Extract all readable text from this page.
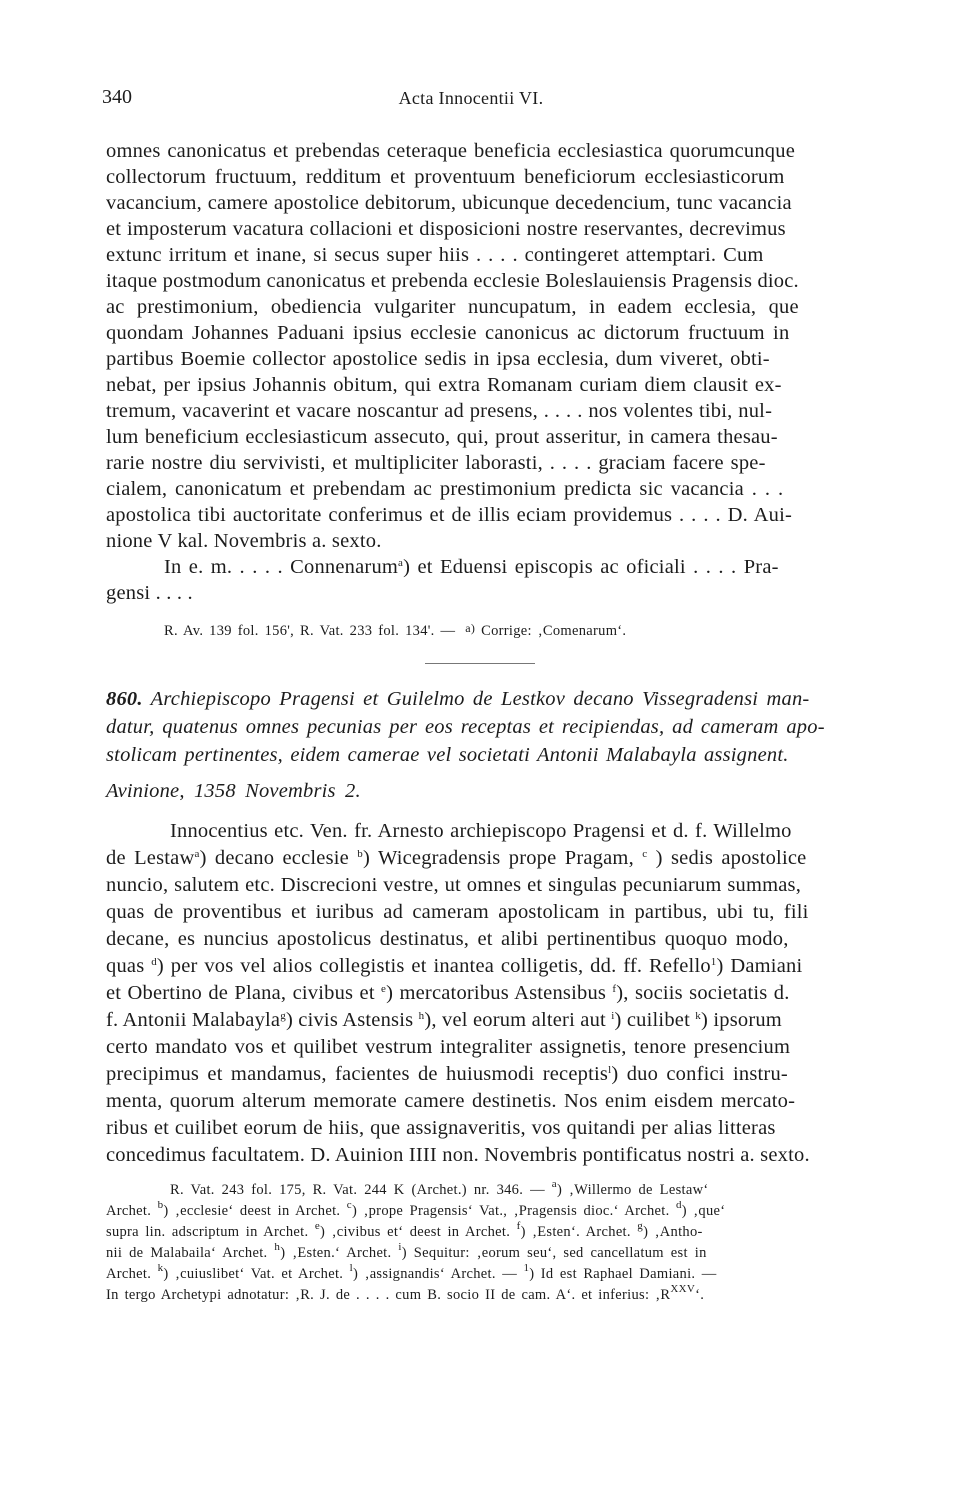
340	Acta Innocentii VI.
omnes canonicatus et prebendas ceteraque beneficia ecclesiastica quorumcunque
collectorum fructuum, redditum et proventuum beneficiorum ecclesiasticorum
vacancium, camere apostolice debitorum, ubicunque decedencium, tunc vacancia
et imposterum vacatura collacioni et disposicioni nostre reservantes, decrevimus
extunc irritum et inane, si secus super hiis . . . . contingeret attemptari. Cum
itaque postmodum canonicatus et prebenda ecclesie Boleslauiensis Pragensis dioc.
ac prestimonium, obediencia vulgariter nuncupatum, in eadem ecclesia, que
quondam Johannes Paduani ipsius ecclesie canonicus ac dictorum fructuum in
partibus Boemie collector apostolice sedis in ipsa ecclesia, dum viveret, obti-
nebat, per ipsius Johannis obitum, qui extra Romanam curiam diem clausit ex-
tremum, vacaverint et vacare noscantur ad presens, . . . . nos volentes tibi, nul-
lum beneficium ecclesiasticum assecuto, qui, prout asseritur, in camera thesau-
rarie nostre diu servivisti, et multipliciter laborasti, . . . . graciam facere spe-
cialem, canonicatum et prebendam ac prestimonium predicta sic vacancia . . .
apostolica tibi auctoritate conferimus et de illis eciam providemus . . . . D. Aui-
nione V kal. Novembris a. sexto.
In e. m. . . . . Connenarum$^a$) et Eduensi episcopis ac oficiali . . . . Pra-
gensi . . . .
R. Av. 139 fol. 156', R. Vat. 233 fol. 134'. — $^{a)}$ Corrige: ‚Comenarum‘.
860. Archiepiscopo Pragensi et Guilelmo de Lestkov decano Vissegradensi man-
datur, quatenus omnes pecunias per eos receptas et recipiendas, ad cameram apo-
stolicam pertinentes, eidem camerae vel societati Antonii Malabayla assignent.
Avinione, 1358 Novembris 2.
Innocentius etc. Ven. fr. Arnesto archiepiscopo Pragensi et d. f. Willelmo
de Lestaw$^a$) decano ecclesie $^b$) Wicegradensis prope Pragam, $^c$ ) sedis apostolice
nuncio, salutem etc. Discrecioni vestre, ut omnes et singulas pecuniarum summas,
quas de proventibus et iuribus ad cameram apostolicam in partibus, ubi tu, fili
decane, es nuncius apostolicus destinatus, et alibi pertinentibus quoquo modo,
quas $^d$) per vos vel alios collegistis et inantea colligetis, dd. ff. Refello$^1$) Damiani
et Obertino de Plana, civibus et $^e$) mercatoribus Astensibus $^f$), sociis societatis d.
f. Antonii Malabayla$^g$) civis Astensis $^h$), vel eorum alteri aut $^i$) cuilibet $^k$) ipsorum
certo mandato vos et quilibet vestrum integraliter assignetis, tenore presencium
precipimus et mandamus, facientes de huiusmodi receptis$^l$) duo confici instru-
menta, quorum alterum memorate camere destinetis. Nos enim eisdem mercato-
ribus et cuilibet eorum de hiis, que assignaveritis, vos quitandi per alias litteras
concedimus facultatem. D. Auinion IIII non. Novembris pontificatus nostri a. sexto.
R. Vat. 243 fol. 175, R. Vat. 244 K (Archet.) nr. 346. — $^a$) ‚Willermo de Lestaw‘
Archet. $^b$) ‚ecclesie‘ deest in Archet. $^c$) ‚prope Pragensis‘ Vat., ‚Pragensis dioc.‘ Archet. $^d$) ‚que‘
supra lin. adscriptum in Archet. $^e$) ‚civibus et‘ deest in Archet. $^f$) ‚Esten‘. Archet. $^g$) ‚Antho-
nii de Malabaila‘ Archet. $^h$) ‚Esten.‘ Archet. $^i$) Sequitur: ‚eorum seu‘, sed cancellatum est in
Archet. $^k$) ‚cuiuslibet‘ Vat. et Archet. $^l$) ‚assignandis‘ Archet. — $^1$) Id est Raphael Damiani. —
In tergo Archetypi adnotatur: ‚R. J. de . . . . cum B. socio II de cam. A‘. et inferius: $‚R^{XXV}‘$.
